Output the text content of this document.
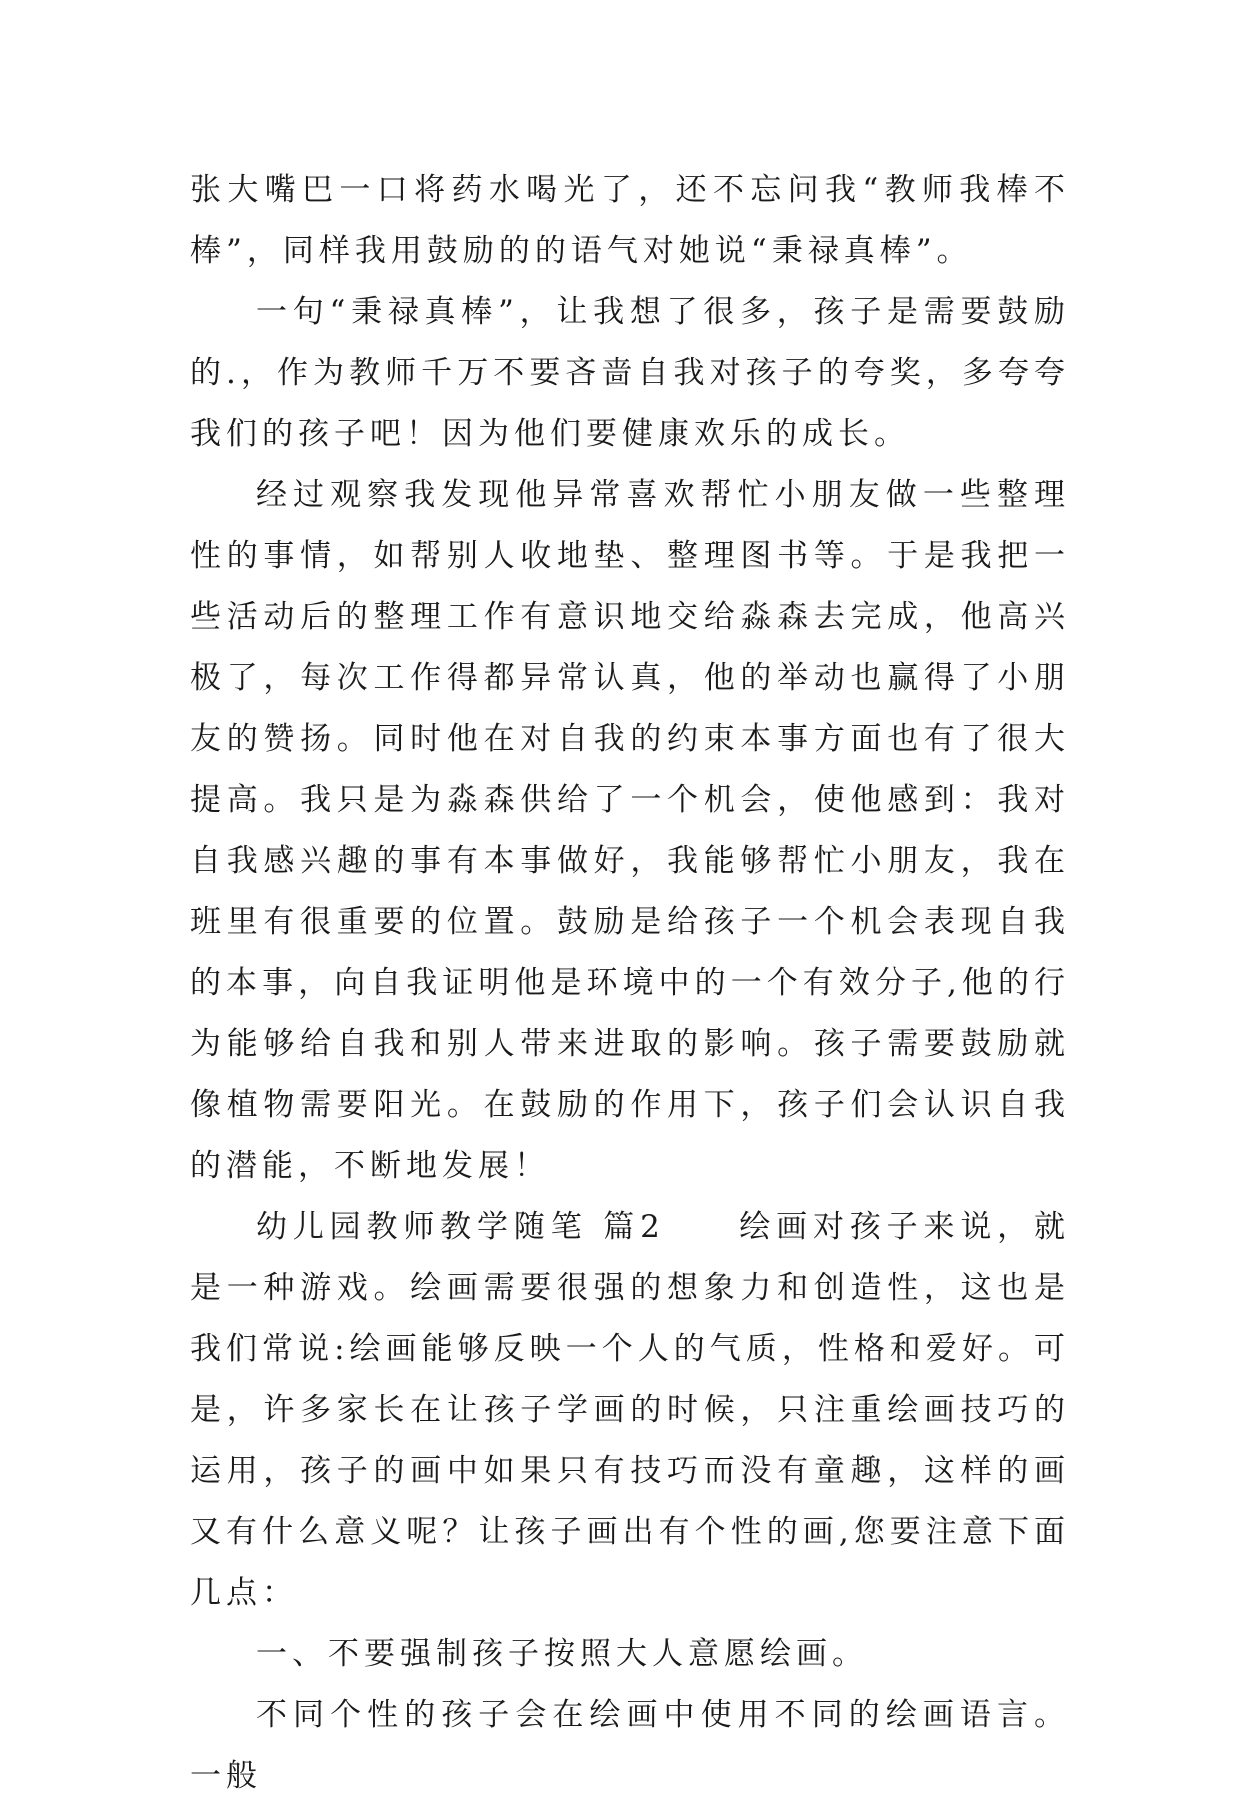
张大嘴巴一口将药水喝光了，还不忘问我“教师我棒不棒”，同样我用鼓励的的语气对她说“秉禄真棒”。

一句“秉禄真棒”，让我想了很多，孩子是需要鼓励的.，作为教师千万不要吝啬自我对孩子的夸奖，多夸夸我们的孩子吧！因为他们要健康欢乐的成长。

经过观察我发现他异常喜欢帮忙小朋友做一些整理性的事情，如帮别人收地垫、整理图书等。于是我把一些活动后的整理工作有意识地交给淼森去完成，他高兴极了，每次工作得都异常认真，他的举动也赢得了小朋友的赞扬。同时他在对自我的约束本事方面也有了很大提高。我只是为淼森供给了一个机会，使他感到：我对自我感兴趣的事有本事做好，我能够帮忙小朋友，我在班里有很重要的位置。鼓励是给孩子一个机会表现自我的本事，向自我证明他是环境中的一个有效分子,他的行为能够给自我和别人带来进取的影响。孩子需要鼓励就像植物需要阳光。在鼓励的作用下，孩子们会认识自我的潜能，不断地发展！

幼儿园教师教学随笔 篇2　　绘画对孩子来说，就是一种游戏。绘画需要很强的想象力和创造性，这也是我们常说:绘画能够反映一个人的气质，性格和爱好。可是，许多家长在让孩子学画的时候，只注重绘画技巧的运用，孩子的画中如果只有技巧而没有童趣，这样的画又有什么意义呢？让孩子画出有个性的画,您要注意下面几点：

一、不要强制孩子按照大人意愿绘画。

不同个性的孩子会在绘画中使用不同的绘画语言。一般
